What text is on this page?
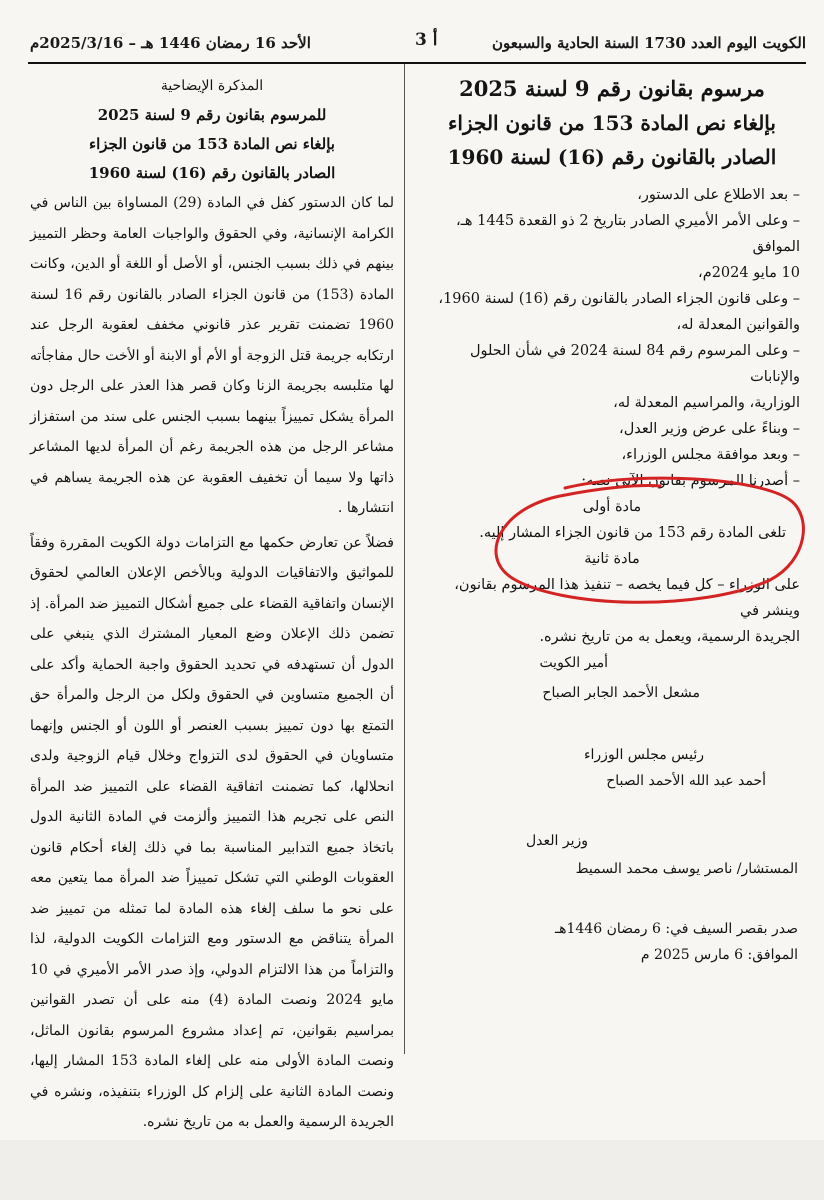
الكويت اليوم العدد 1730 السنة الحادية والسبعون
أ 3
الأحد 16 رمضان 1446 هـ – 2025/3/16م

مرسوم بقانون رقم 9 لسنة 2025

بإلغاء نص المادة 153 من قانون الجزاء

الصادر بالقانون رقم (16) لسنة 1960

– بعد الاطلاع على الدستور،

– وعلى الأمر الأميري الصادر بتاريخ 2 ذو القعدة 1445 هـ، الموافق

10 مايو 2024م،

– وعلى قانون الجزاء الصادر بالقانون رقم (16) لسنة 1960،

والقوانين المعدلة له،

– وعلى المرسوم رقم 84 لسنة 2024 في شأن الحلول والإنابات

الوزارية، والمراسيم المعدلة له،

– وبناءً على عرض وزير العدل،

– وبعد موافقة مجلس الوزراء،

– أصدرنا المرسوم بقانون الآتي نصه:

مادة أولى

تلغى المادة رقم 153 من قانون الجزاء المشار إليه.

مادة ثانية

على الوزراء – كل فيما يخصه – تنفيذ هذا المرسوم بقانون، وينشر في

الجريدة الرسمية، ويعمل به من تاريخ نشره.

أمير الكويت

مشعل الأحمد الجابر الصباح

رئيس مجلس الوزراء

أحمد عبد الله الأحمد الصباح

وزير العدل

المستشار/ ناصر يوسف محمد السميط

صدر بقصر السيف في: 6 رمضان 1446هـ

الموافق: 6 مارس 2025 م

المذكرة الإيضاحية

للمرسوم بقانون رقم 9 لسنة 2025

بإلغاء نص المادة 153 من قانون الجزاء

الصادر بالقانون رقم (16) لسنة 1960

لما كان الدستور كفل في المادة (29) المساواة بين الناس في الكرامة الإنسانية، وفي الحقوق والواجبات العامة وحظر التمييز بينهم في ذلك بسبب الجنس، أو الأصل أو اللغة أو الدين، وكانت المادة (153) من قانون الجزاء الصادر بالقانون رقم 16 لسنة 1960 تضمنت تقرير عذر قانوني مخفف لعقوبة الرجل عند ارتكابه جريمة قتل الزوجة أو الأم أو الابنة أو الأخت حال مفاجأته لها متلبسه بجريمة الزنا وكان قصر هذا العذر على الرجل دون المرأة يشكل تمييزاً بينهما بسبب الجنس على سند من استفزاز مشاعر الرجل من هذه الجريمة رغم أن المرأة لديها المشاعر ذاتها ولا سيما أن تخفيف العقوبة عن هذه الجريمة يساهم في انتشارها .

فضلاً عن تعارض حكمها مع التزامات دولة الكويت المقررة وفقاً للمواثيق والاتفاقيات الدولية وبالأخص الإعلان العالمي لحقوق الإنسان واتفاقية القضاء على جميع أشكال التمييز ضد المرأة. إذ تضمن ذلك الإعلان وضع المعيار المشترك الذي ينبغي على الدول أن تستهدفه في تحديد الحقوق واجبة الحماية وأكد على أن الجميع متساوين في الحقوق ولكل من الرجل والمرأة حق التمتع بها دون تمييز بسبب العنصر أو اللون أو الجنس وإنهما متساويان في الحقوق لدى التزواج وخلال قيام الزوجية ولدى انحلالها، كما تضمنت اتفاقية القضاء على التمييز ضد المرأة النص على تجريم هذا التمييز وألزمت في المادة الثانية الدول باتخاذ جميع التدابير المناسبة بما في ذلك إلغاء أحكام قانون العقوبات الوطني التي تشكل تمييزاً ضد المرأة مما يتعين معه على نحو ما سلف إلغاء هذه المادة لما تمثله من تمييز ضد المرأة يتناقض مع الدستور ومع التزامات الكويت الدولية، لذا والتزاماً من هذا الالتزام الدولي، وإذ صدر الأمر الأميري في 10 مايو 2024 ونصت المادة (4) منه على أن تصدر القوانين بمراسيم بقوانين، تم إعداد مشروع المرسوم بقانون الماثل، ونصت المادة الأولى منه على إلغاء المادة 153 المشار إليها، ونصت المادة الثانية على إلزام كل الوزراء بتنفيذه، ونشره في الجريدة الرسمية والعمل به من تاريخ نشره.
